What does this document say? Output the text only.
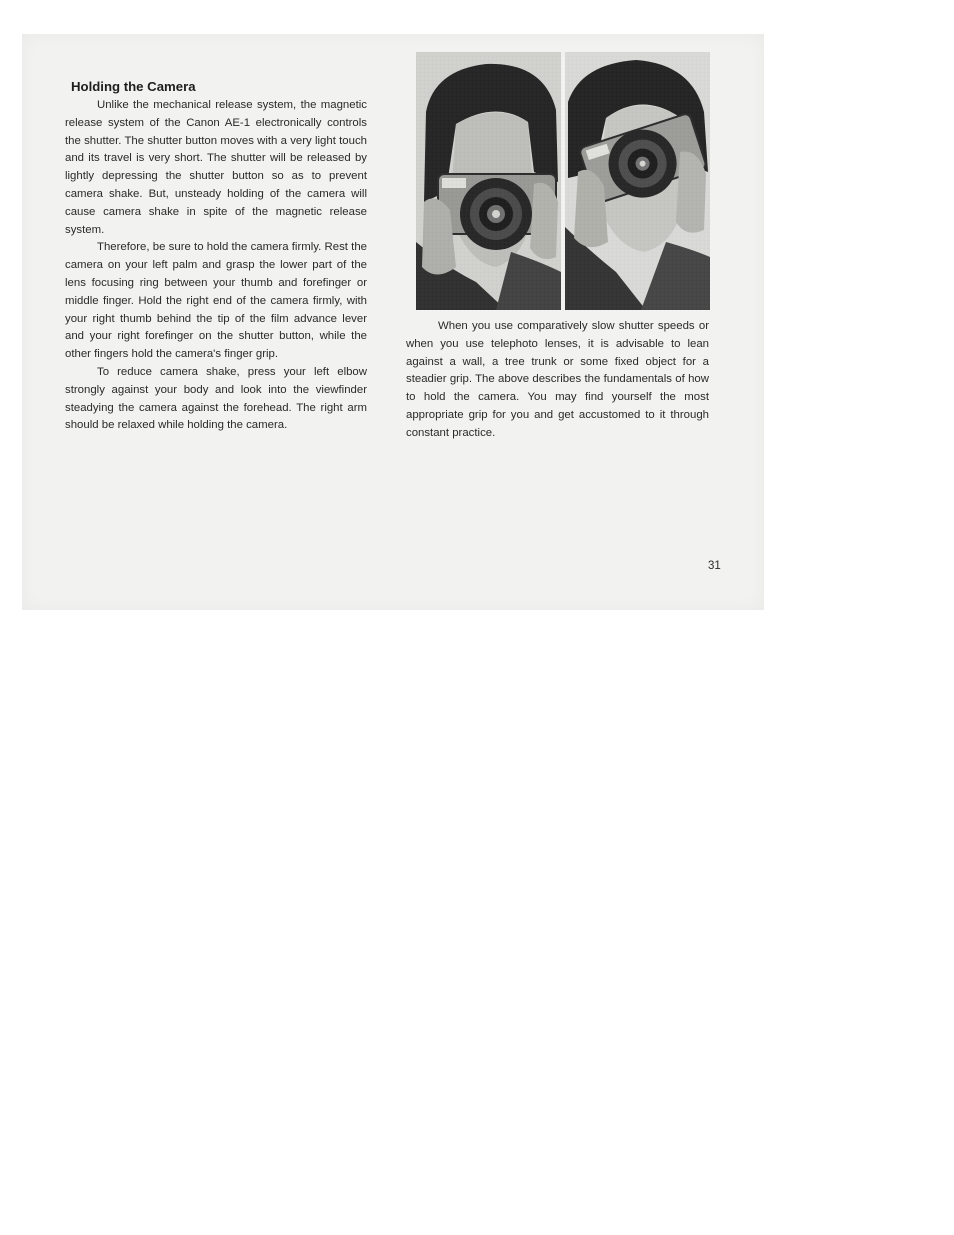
Holding the Camera

Unlike the mechanical release system, the magnetic release system of the Canon AE-1 electronically controls the shutter. The shutter button moves with a very light touch and its travel is very short. The shutter will be released by lightly depressing the shutter button so as to prevent camera shake. But, unsteady holding of the camera will cause camera shake in spite of the magnetic release system.

Therefore, be sure to hold the camera firmly. Rest the camera on your left palm and grasp the lower part of the lens focusing ring between your thumb and forefinger or middle finger. Hold the right end of the camera firmly, with your right thumb behind the tip of the film advance lever and your right forefinger on the shutter button, while the other fingers hold the camera's finger grip.

To reduce camera shake, press your left elbow strongly against your body and look into the viewfinder steadying the camera against the forehead. The right arm should be relaxed while holding the camera.

When you use comparatively slow shutter speeds or when you use telephoto lenses, it is advisable to lean against a wall, a tree trunk or some fixed object for a steadier grip. The above describes the fundamentals of how to hold the camera. You may find yourself the most appropriate grip for you and get accustomed to it through constant practice.

31
